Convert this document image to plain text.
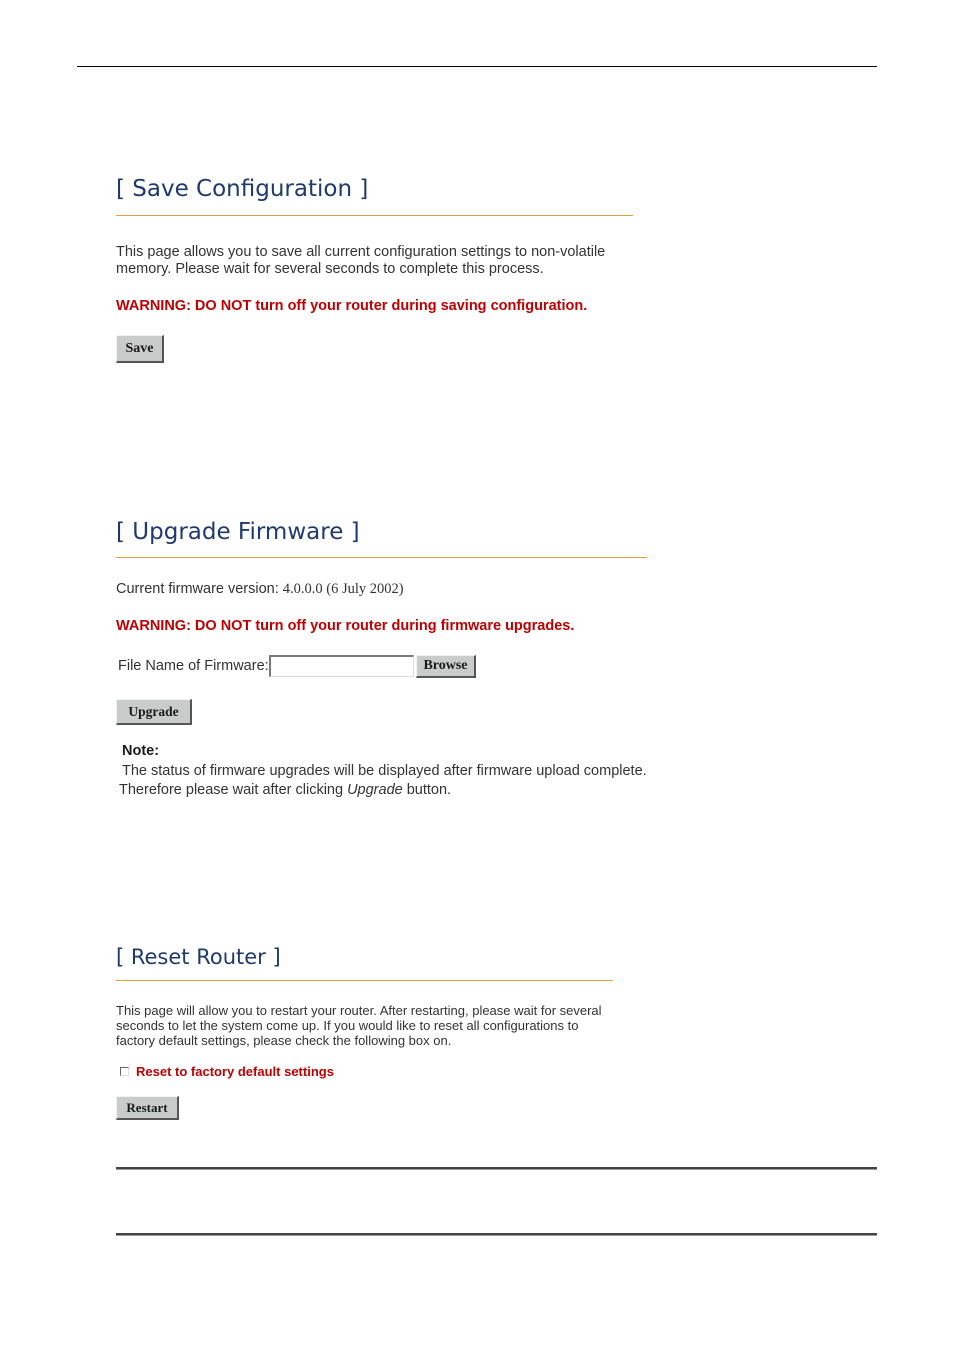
[ Save Configuration ]
This page allows you to save all current configuration settings to non-volatile
memory. Please wait for several seconds to complete this process.
WARNING: DO NOT turn off your router during saving configuration.
Save
[ Upgrade Firmware ]
Current firmware version: 4.0.0.0 (6 July 2002)
WARNING: DO NOT turn off your router during firmware upgrades.
File Name of Firmware:	Browse
Upgrade
Note:
The status of firmware upgrades will be displayed after firmware upload complete.
Therefore please wait after clicking Upgrade button.
[ Reset Router ]
This page will allow you to restart your router. After restarting, please wait for several
seconds to let the system come up. If you would like to reset all configurations to
factory default settings, please check the following box on.
Reset to factory default settings
Restart
